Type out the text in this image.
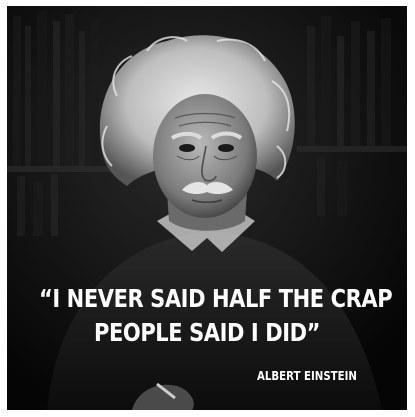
“I NEVER SAID HALF THE CRAP
PEOPLE SAID I DID”
ALBERT EINSTEIN
